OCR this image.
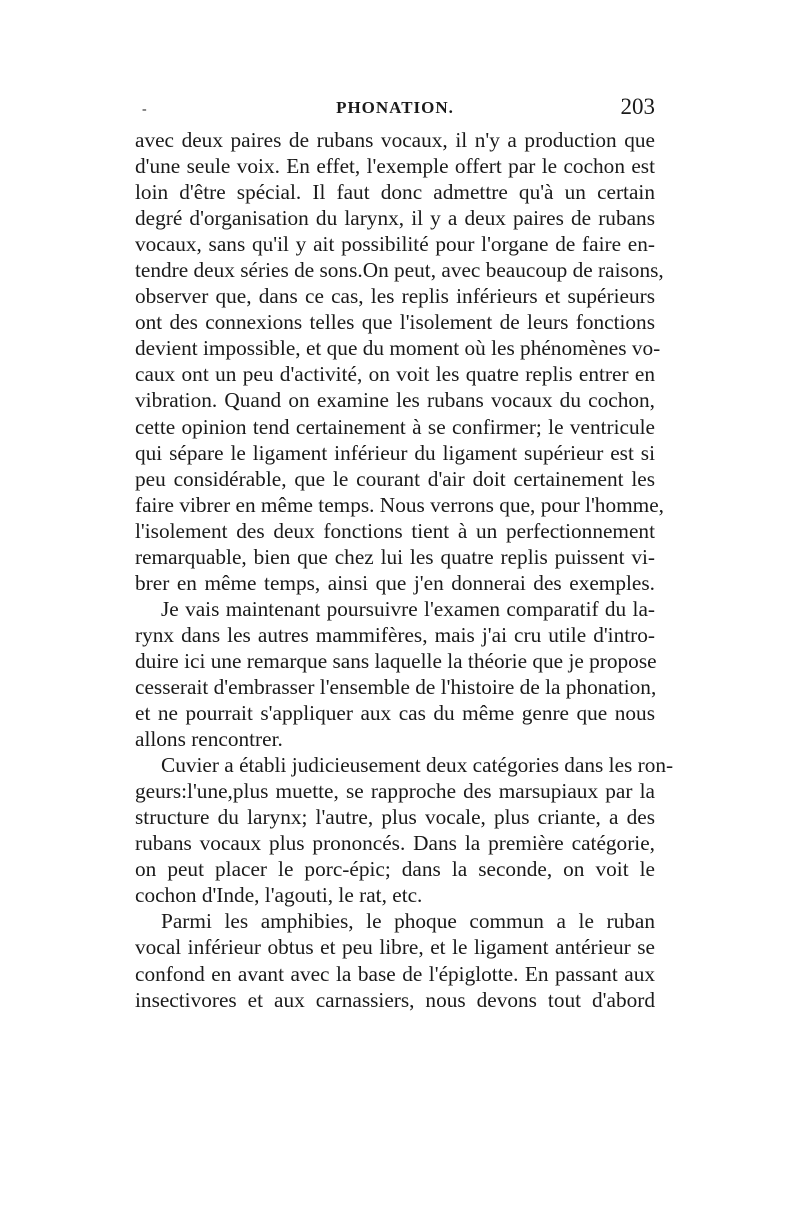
-	PHONATION.	203
avec deux paires de rubans vocaux, il n'y a production que
d'une seule voix. En effet, l'exemple offert par le cochon est
loin d'être spécial. Il faut donc admettre qu'à un certain
degré d'organisation du larynx, il y a deux paires de rubans
vocaux, sans qu'il y ait possibilité pour l'organe de faire en-
tendre deux séries de sons.On peut, avec beaucoup de raisons,
observer que, dans ce cas, les replis inférieurs et supérieurs
ont des connexions telles que l'isolement de leurs fonctions
devient impossible, et que du moment où les phénomènes vo-
caux ont un peu d'activité, on voit les quatre replis entrer en
vibration. Quand on examine les rubans vocaux du cochon,
cette opinion tend certainement à se confirmer; le ventricule
qui sépare le ligament inférieur du ligament supérieur est si
peu considérable, que le courant d'air doit certainement les
faire vibrer en même temps. Nous verrons que, pour l'homme,
l'isolement des deux fonctions tient à un perfectionnement
remarquable, bien que chez lui les quatre replis puissent vi-
brer en même temps, ainsi que j'en donnerai des exemples.
Je vais maintenant poursuivre l'examen comparatif du la-
rynx dans les autres mammifères, mais j'ai cru utile d'intro-
duire ici une remarque sans laquelle la théorie que je propose
cesserait d'embrasser l'ensemble de l'histoire de la phonation,
et ne pourrait s'appliquer aux cas du même genre que nous
allons rencontrer.
Cuvier a établi judicieusement deux catégories dans les ron-
geurs:l'une,plus muette, se rapproche des marsupiaux par la
structure du larynx; l'autre, plus vocale, plus criante, a des
rubans vocaux plus prononcés. Dans la première catégorie,
on peut placer le porc-épic; dans la seconde, on voit le
cochon d'Inde, l'agouti, le rat, etc.
Parmi les amphibies, le phoque commun a le ruban
vocal inférieur obtus et peu libre, et le ligament antérieur se
confond en avant avec la base de l'épiglotte. En passant aux
insectivores et aux carnassiers, nous devons tout d'abord
